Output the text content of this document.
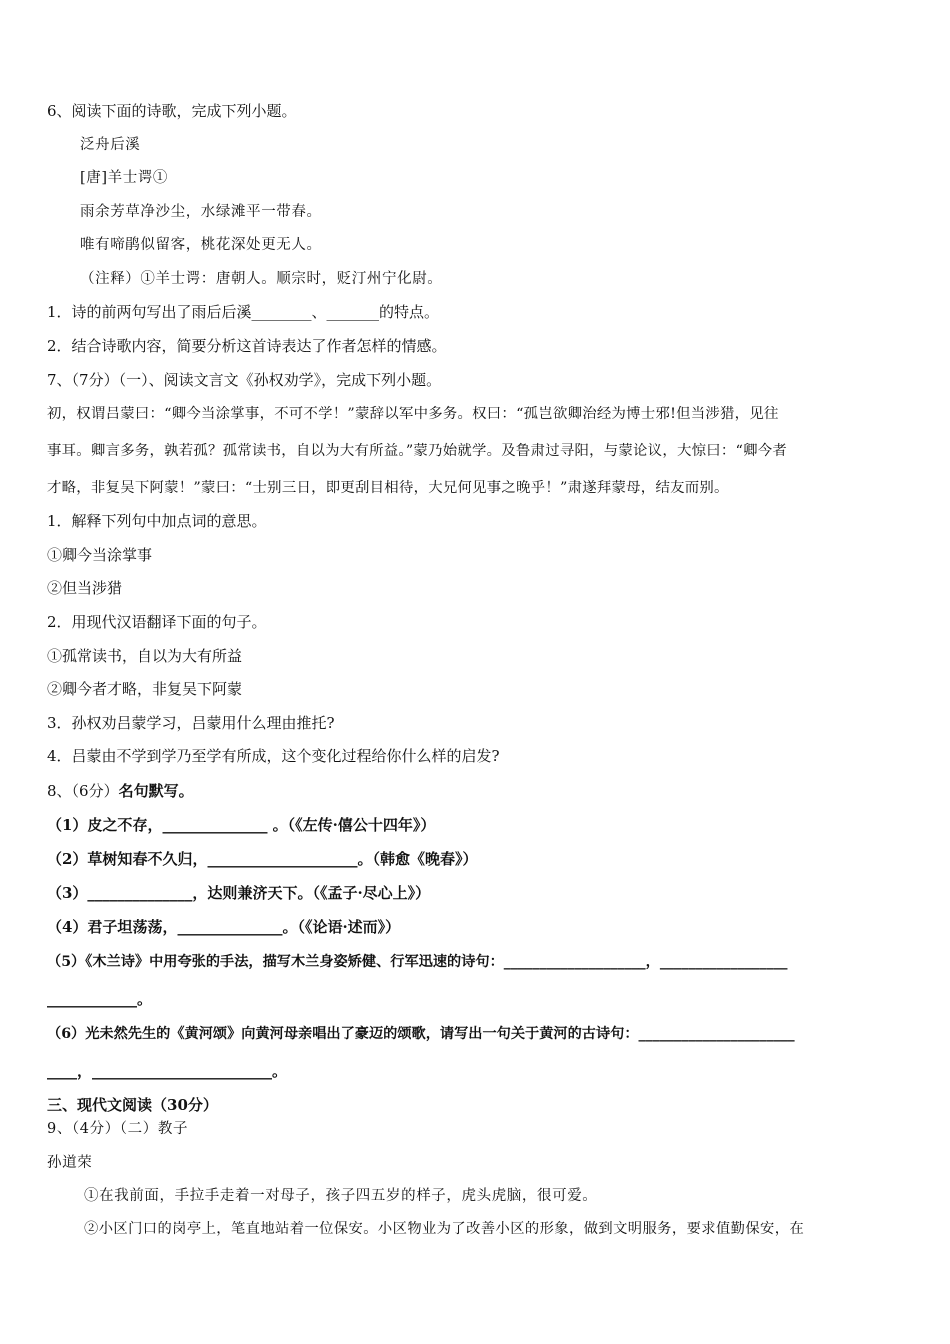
6、阅读下面的诗歌，完成下列小题。
泛舟后溪
[唐]羊士谔①
雨余芳草净沙尘，水绿滩平一带春。
唯有啼鹃似留客，桃花深处更无人。
（注释）①羊士谔：唐朝人。顺宗时，贬汀州宁化尉。
1．诗的前两句写出了雨后后溪________、_______的特点。
2．结合诗歌内容，简要分析这首诗表达了作者怎样的情感。
7、（7分）（一）、阅读文言文《孙权劝学》，完成下列小题。
初，权谓吕蒙曰：“卿今当涂掌事，不可不学！”蒙辞以军中多务。权曰：“孤岂欲卿治经为博士邪!但当涉猎，见往
事耳。卿言多务，孰若孤？孤常读书，自以为大有所益。”蒙乃始就学。及鲁肃过寻阳，与蒙论议，大惊曰：“卿今者
才略，非复吴下阿蒙！”蒙曰：“士别三日，即更刮目相待，大兄何见事之晚乎！”肃遂拜蒙母，结友而别。
1．解释下列句中加点词的意思。
①卿今当涂掌事
②但当涉猎
2．用现代汉语翻译下面的句子。
①孤常读书，自以为大有所益
②卿今者才略，非复吴下阿蒙
3．孙权劝吕蒙学习，吕蒙用什么理由推托?
4．吕蒙由不学到学乃至学有所成，这个变化过程给你什么样的启发?
8、（6分）名句默写。
（1）皮之不存，______________ 。（《左传·僖公十四年》）
（2）草树知春不久归，____________________。（韩愈《晚春》）
（3）______________，达则兼济天下。（《孟子·尽心上》）
（4）君子坦荡荡，______________。（《论语·述而》）
（5）《木兰诗》中用夸张的手法，描写木兰身姿矫健、行军迅速的诗句：____________________，__________________
____________。
（6）光未然先生的《黄河颂》向黄河母亲唱出了豪迈的颂歌，请写出一句关于黄河的古诗句：______________________
____，________________________。
三、现代文阅读（30分）
9、（4分）（二）教子
孙道荣
①在我前面，手拉手走着一对母子，孩子四五岁的样子，虎头虎脑，很可爱。
②小区门口的岗亭上，笔直地站着一位保安。小区物业为了改善小区的形象，做到文明服务，要求值勤保安，在
